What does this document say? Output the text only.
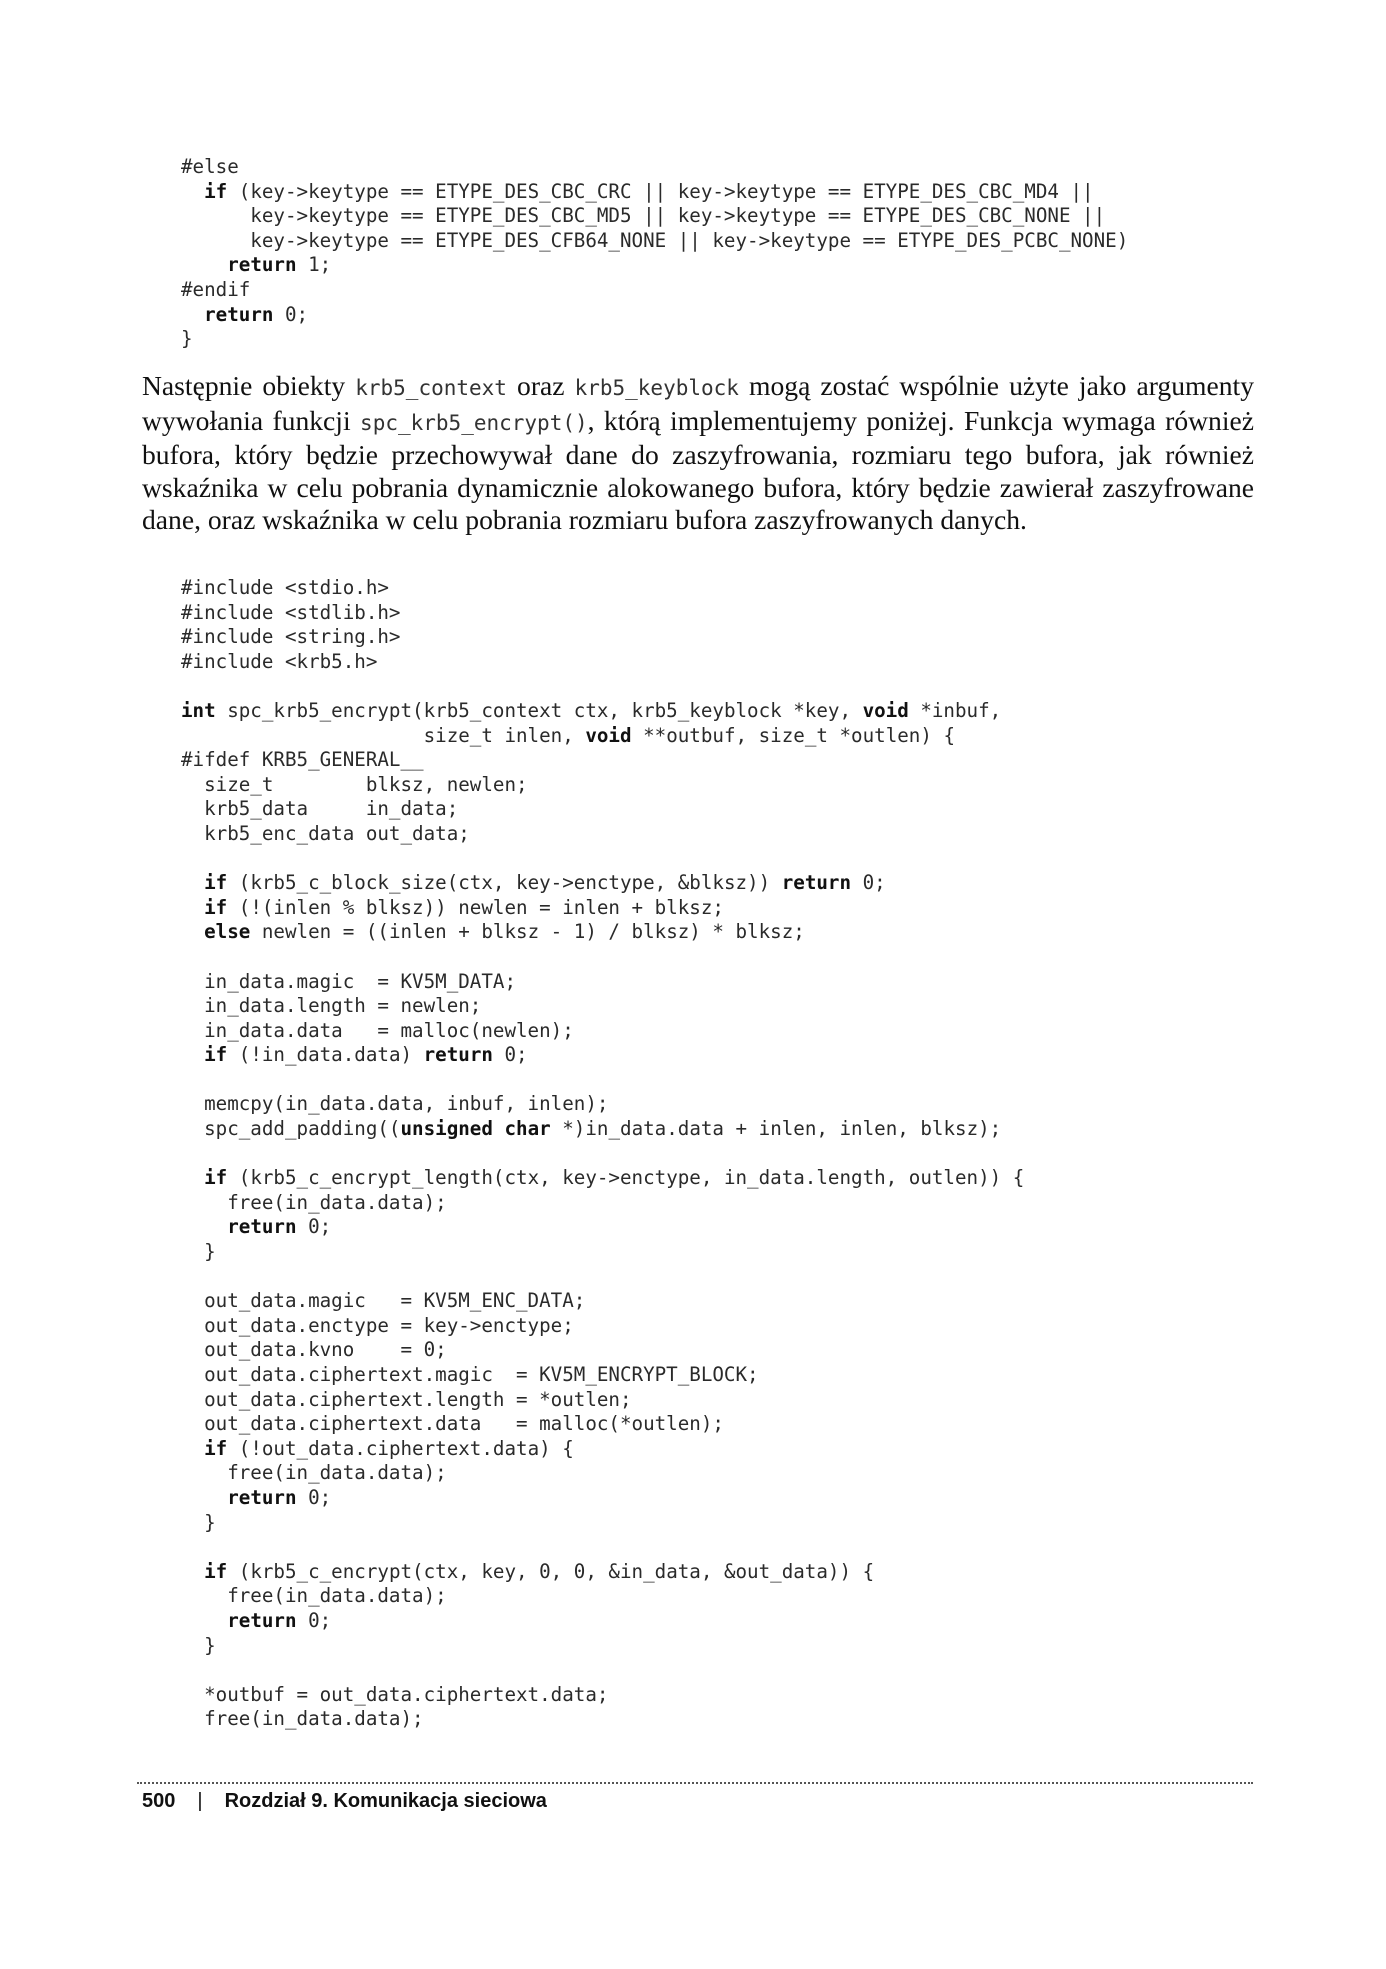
#else
if (key->keytype == ETYPE_DES_CBC_CRC || key->keytype == ETYPE_DES_CBC_MD4 ||
key->keytype == ETYPE_DES_CBC_MD5 || key->keytype == ETYPE_DES_CBC_NONE ||
key->keytype == ETYPE_DES_CFB64_NONE || key->keytype == ETYPE_DES_PCBC_NONE)
return 1;
#endif
return 0;
}

Następnie obiekty krb5_context oraz krb5_keyblock mogą zostać wspólnie użyte jako argumenty wywołania funkcji spc_krb5_encrypt(), którą implementujemy poniżej. Funkcja wymaga również bufora, który będzie przechowywał dane do zaszyfrowania, rozmiaru tego bufora, jak również wskaźnika w celu pobrania dynamicznie alokowanego bufora, który będzie zawierał zaszyfrowane dane, oraz wskaźnika w celu pobrania rozmiaru bufora zaszyfrowanych danych.

#include <stdio.h>
#include <stdlib.h>
#include <string.h>
#include <krb5.h>
int spc_krb5_encrypt(krb5_context ctx, krb5_keyblock *key, void *inbuf,
size_t inlen, void **outbuf, size_t *outlen) {
#ifdef KRB5_GENERAL__
size_t        blksz, newlen;
krb5_data     in_data;
krb5_enc_data out_data;
if (krb5_c_block_size(ctx, key->enctype, &blksz)) return 0;
if (!(inlen % blksz)) newlen = inlen + blksz;
else newlen = ((inlen + blksz - 1) / blksz) * blksz;
in_data.magic  = KV5M_DATA;
in_data.length = newlen;
in_data.data   = malloc(newlen);
if (!in_data.data) return 0;
memcpy(in_data.data, inbuf, inlen);
spc_add_padding((unsigned char *)in_data.data + inlen, inlen, blksz);
if (krb5_c_encrypt_length(ctx, key->enctype, in_data.length, outlen)) {
free(in_data.data);
return 0;
}
out_data.magic   = KV5M_ENC_DATA;
out_data.enctype = key->enctype;
out_data.kvno    = 0;
out_data.ciphertext.magic  = KV5M_ENCRYPT_BLOCK;
out_data.ciphertext.length = *outlen;
out_data.ciphertext.data   = malloc(*outlen);
if (!out_data.ciphertext.data) {
free(in_data.data);
return 0;
}
if (krb5_c_encrypt(ctx, key, 0, 0, &in_data, &out_data)) {
free(in_data.data);
return 0;
}
*outbuf = out_data.ciphertext.data;
free(in_data.data);
500 | Rozdział 9. Komunikacja sieciowa
